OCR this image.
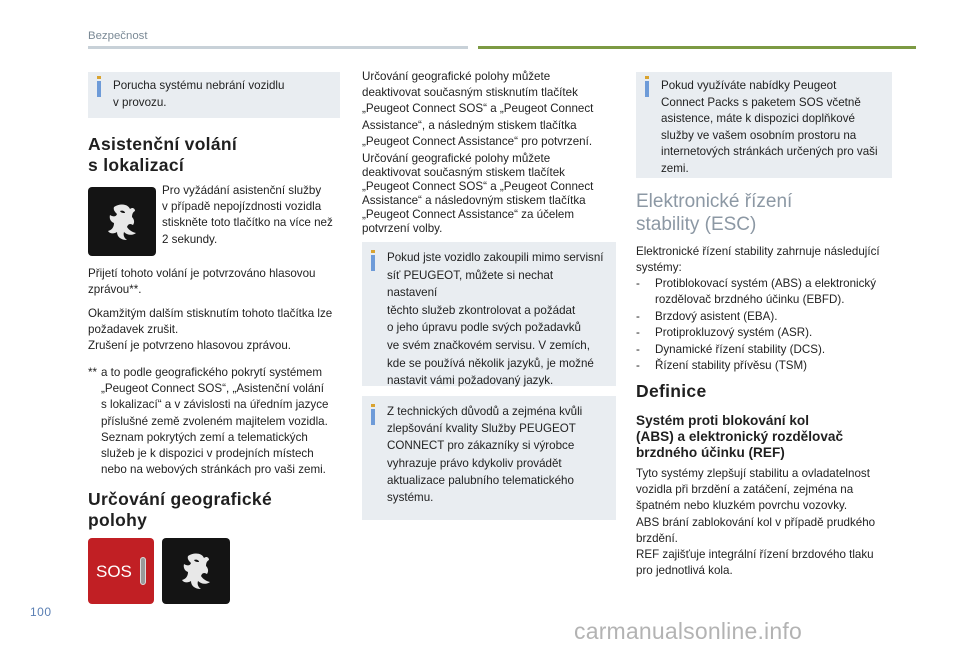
Bezpečnost
Porucha systému nebrání vozidlu
v provozu.
Asistenční volání
s lokalizací
Pro vyžádání asistenční služby
v případě nepojízdnosti vozidla
stiskněte toto tlačítko na více než
2 sekundy.
Přijetí tohoto volání je potvrzováno hlasovou
zprávou**.
Okamžitým dalším stisknutím tohoto tlačítka lze
požadavek zrušit.
Zrušení je potvrzeno hlasovou zprávou.
** a to podle geografického pokrytí systémem
„Peugeot Connect SOS“, „Asistenční volání
s lokalizací“ a v závislosti na úředním jazyce
příslušné země zvoleném majitelem vozidla.
Seznam pokrytých zemí a telematických
služeb je k dispozici v prodejních místech
nebo na webových stránkách pro vaši zemi.
Určování geografické
polohy
SOS
Určování geografické polohy můžete
deaktivovat současným stisknutím tlačítek
„Peugeot Connect SOS“ a „Peugeot Connect
Assistance“, a následným stiskem tlačítka
„Peugeot Connect Assistance“ pro potvrzení.
Určování geografické polohy můžete
deaktivovat současným stiskem tlačítek
„Peugeot Connect SOS“ a „Peugeot Connect
Assistance“ a následovným stiskem tlačítka
„Peugeot Connect Assistance“ za účelem
potvrzení volby.
Pokud jste vozidlo zakoupili mimo servisní
síť PEUGEOT, můžete si nechat nastavení
těchto služeb zkontrolovat a požádat
o jeho úpravu podle svých požadavků
ve svém značkovém servisu. V zemích,
kde se používá několik jazyků, je možné
nastavit vámi požadovaný jazyk.
Z technických důvodů a zejména kvůli
zlepšování kvality Služby PEUGEOT
CONNECT pro zákazníky si výrobce
vyhrazuje právo kdykoliv provádět
aktualizace palubního telematického
systému.
Pokud využíváte nabídky Peugeot
Connect Packs s paketem SOS včetně
asistence, máte k dispozici doplňkové
služby ve vašem osobním prostoru na
internetových stránkách určených pro vaši
zemi.
Elektronické řízení
stability (ESC)
Elektronické řízení stability zahrnuje následující
systémy:
- Protiblokovací systém (ABS) a elektronický
rozdělovač brzdného účinku (EBFD).
- Brzdový asistent (EBA).
- Protiprokluzový systém (ASR).
- Dynamické řízení stability (DCS).
- Řízení stability přívěsu (TSM)
Definice
Systém proti blokování kol
(ABS) a elektronický rozdělovač
brzdného účinku (REF)
Tyto systémy zlepšují stabilitu a ovladatelnost
vozidla při brzdění a zatáčení, zejména na
špatném nebo kluzkém povrchu vozovky.
ABS brání zablokování kol v případě prudkého
brzdění.
REF zajišťuje integrální řízení brzdového tlaku
pro jednotlivá kola.
100
carmanualsonline.info
